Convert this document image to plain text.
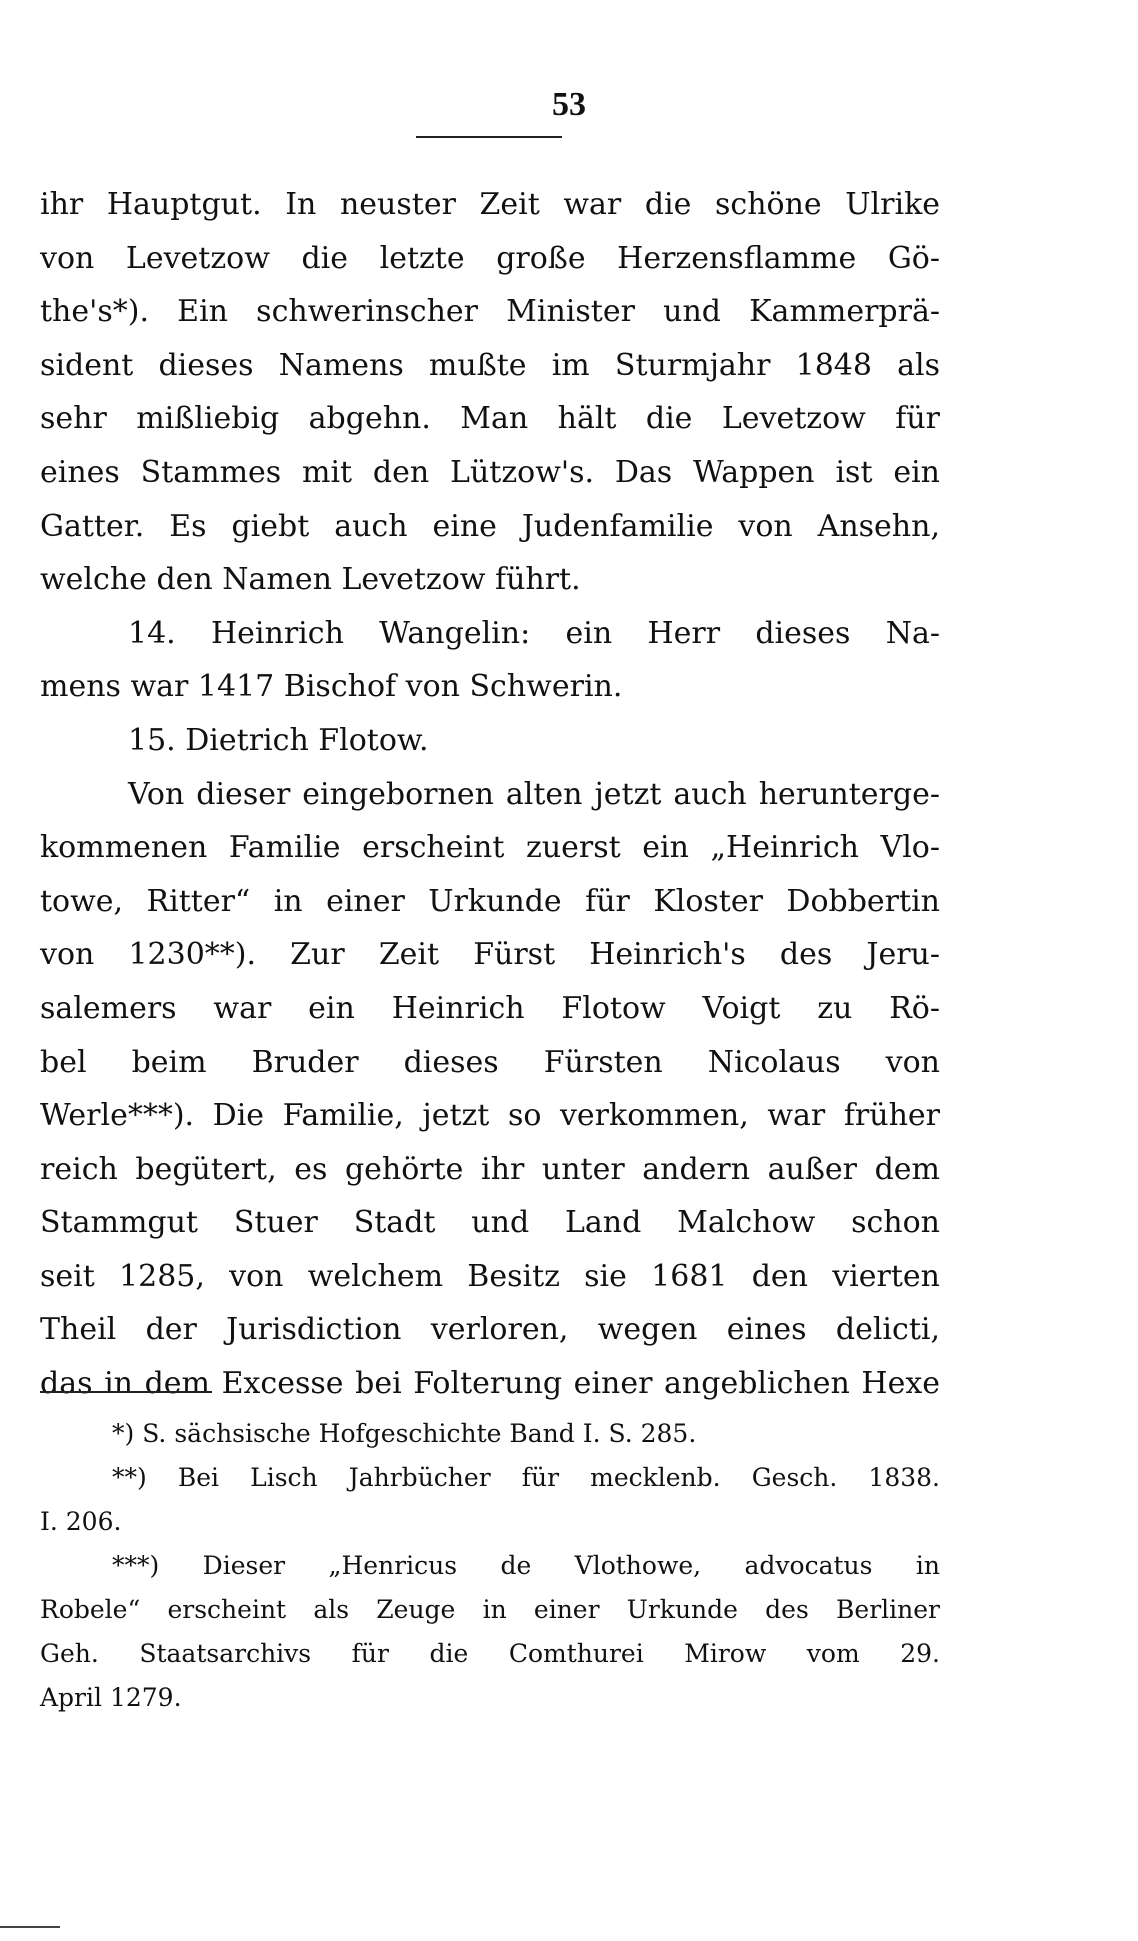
53
ihr Hauptgut. In neuster Zeit war die schöne Ulrike
von Levetzow die letzte große Herzensflamme Gö-
the's*). Ein schwerinscher Minister und Kammerprä-
sident dieses Namens mußte im Sturmjahr 1848 als
sehr mißliebig abgehn. Man hält die Levetzow für
eines Stammes mit den Lützow's. Das Wappen ist ein
Gatter. Es giebt auch eine Judenfamilie von Ansehn,
welche den Namen Levetzow führt.
14. Heinrich Wangelin: ein Herr dieses Na-
mens war 1417 Bischof von Schwerin.
15. Dietrich Flotow.
Von dieser eingebornen alten jetzt auch herunterge-
kommenen Familie erscheint zuerst ein „Heinrich Vlo-
towe, Ritter“ in einer Urkunde für Kloster Dobbertin
von 1230**). Zur Zeit Fürst Heinrich's des Jeru-
salemers war ein Heinrich Flotow Voigt zu Rö-
bel beim Bruder dieses Fürsten Nicolaus von
Werle***). Die Familie, jetzt so verkommen, war früher
reich begütert, es gehörte ihr unter andern außer dem
Stammgut Stuer Stadt und Land Malchow schon
seit 1285, von welchem Besitz sie 1681 den vierten
Theil der Jurisdiction verloren, wegen eines delicti,
das in dem Excesse bei Folterung einer angeblichen Hexe
*) S. sächsische Hofgeschichte Band I. S. 285.
**) Bei Lisch Jahrbücher für mecklenb. Gesch. 1838.
I. 206.
***) Dieser „Henricus de Vlothowe, advocatus in
Robele“ erscheint als Zeuge in einer Urkunde des Berliner
Geh. Staatsarchivs für die Comthurei Mirow vom 29.
April 1279.
